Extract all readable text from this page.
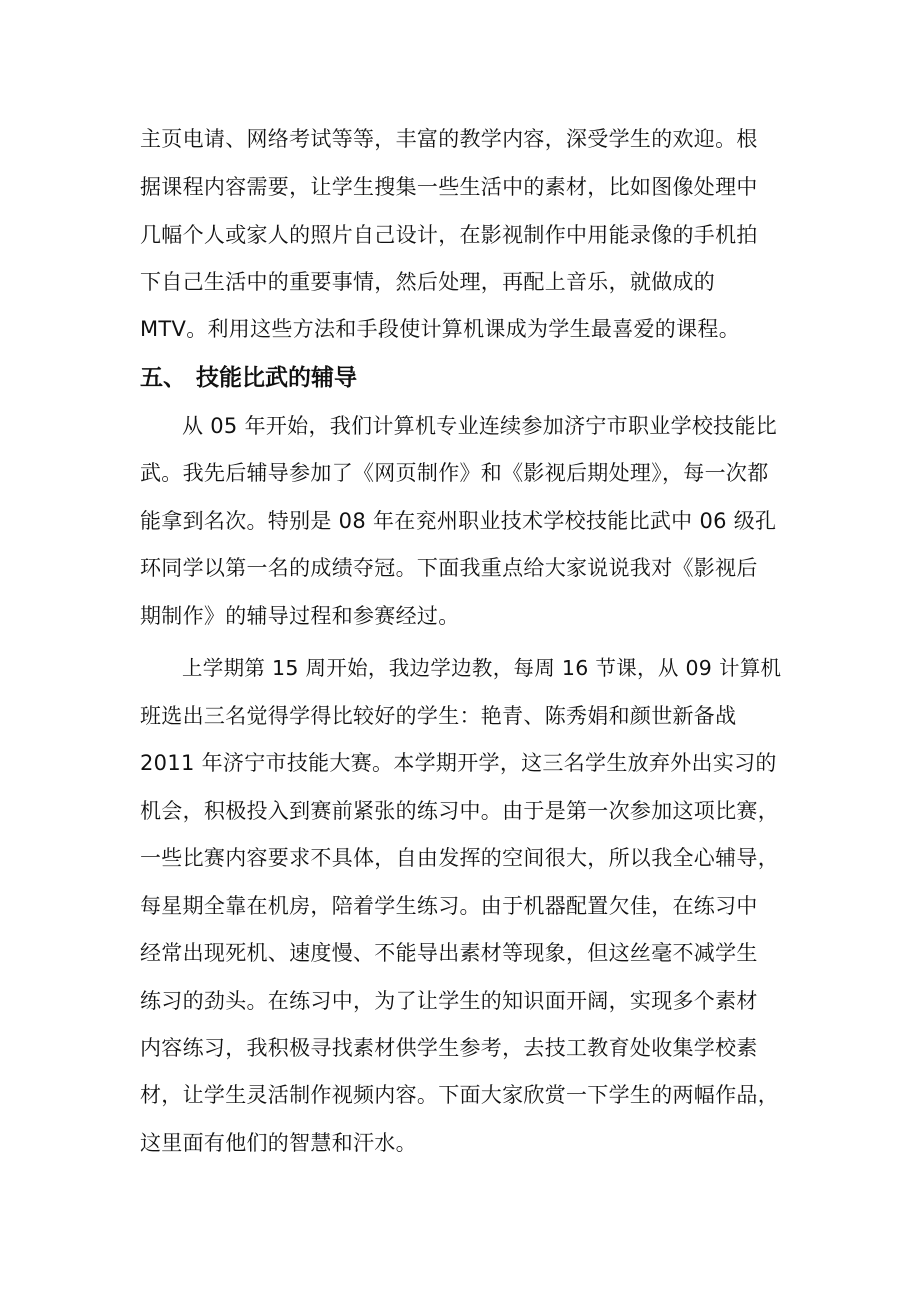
主页电请、网络考试等等，丰富的教学内容，深受学生的欢迎。根
据课程内容需要，让学生搜集一些生活中的素材，比如图像处理中
几幅个人或家人的照片自己设计，在影视制作中用能录像的手机拍
下自己生活中的重要事情，然后处理，再配上音乐，就做成的
MTV。利用这些方法和手段使计算机课成为学生最喜爱的课程。
五、 技能比武的辅导
从 05 年开始，我们计算机专业连续参加济宁市职业学校技能比
武。我先后辅导参加了《网页制作》和《影视后期处理》，每一次都
能拿到名次。特别是 08 年在兖州职业技术学校技能比武中 06 级孔
环同学以第一名的成绩夺冠。下面我重点给大家说说我对《影视后
期制作》的辅导过程和参赛经过。
上学期第 15 周开始，我边学边教，每周 16 节课，从 09 计算机
班选出三名觉得学得比较好的学生：艳青、陈秀娟和颜世新备战
2011 年济宁市技能大赛。本学期开学，这三名学生放弃外出实习的
机会，积极投入到赛前紧张的练习中。由于是第一次参加这项比赛，
一些比赛内容要求不具体，自由发挥的空间很大，所以我全心辅导，
每星期全靠在机房，陪着学生练习。由于机器配置欠佳，在练习中
经常出现死机、速度慢、不能导出素材等现象，但这丝毫不减学生
练习的劲头。在练习中，为了让学生的知识面开阔，实现多个素材
内容练习，我积极寻找素材供学生参考，去技工教育处收集学校素
材，让学生灵活制作视频内容。下面大家欣赏一下学生的两幅作品，
这里面有他们的智慧和汗水。
